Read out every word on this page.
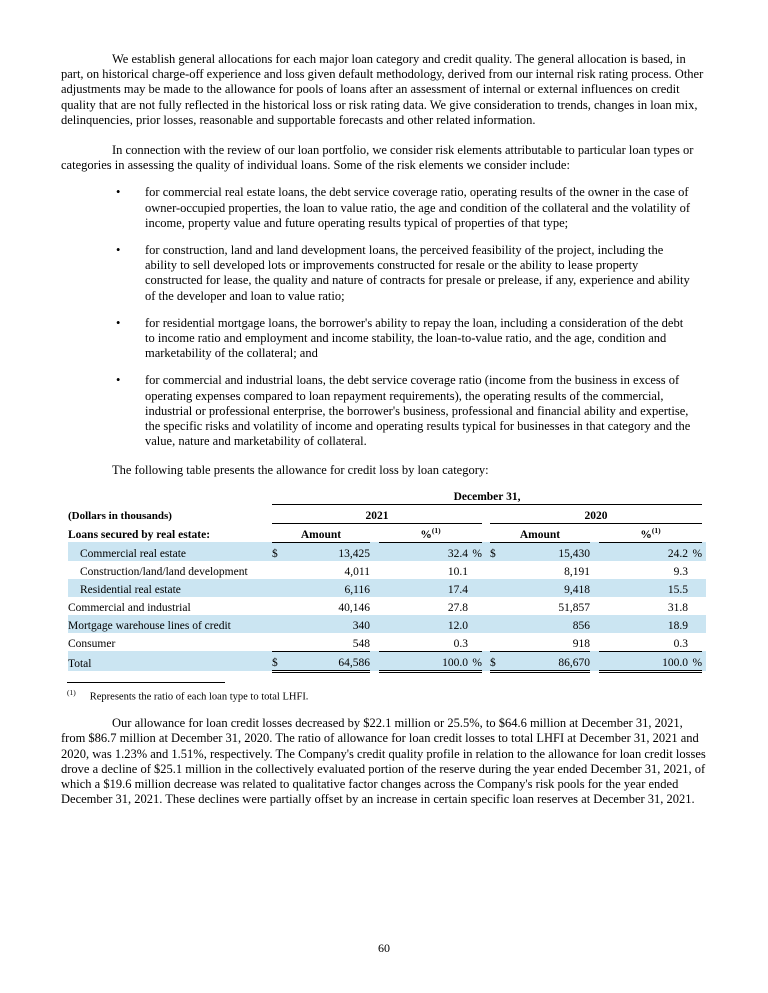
We establish general allocations for each major loan category and credit quality. The general allocation is based, in part, on historical charge-off experience and loss given default methodology, derived from our internal risk rating process. Other adjustments may be made to the allowance for pools of loans after an assessment of internal or external influences on credit quality that are not fully reflected in the historical loss or risk rating data. We give consideration to trends, changes in loan mix, delinquencies, prior losses, reasonable and supportable forecasts and other related information.

In connection with the review of our loan portfolio, we consider risk elements attributable to particular loan types or categories in assessing the quality of individual loans. Some of the risk elements we consider include:

•	for commercial real estate loans, the debt service coverage ratio, operating results of the owner in the case of owner-occupied properties, the loan to value ratio, the age and condition of the collateral and the volatility of income, property value and future operating results typical of properties of that type;
•	for construction, land and land development loans, the perceived feasibility of the project, including the ability to sell developed lots or improvements constructed for resale or the ability to lease property constructed for lease, the quality and nature of contracts for presale or prelease, if any, experience and ability of the developer and loan to value ratio;
•	for residential mortgage loans, the borrower's ability to repay the loan, including a consideration of the debt to income ratio and employment and income stability, the loan-to-value ratio, and the age, condition and marketability of the collateral; and
•	for commercial and industrial loans, the debt service coverage ratio (income from the business in excess of operating expenses compared to loan repayment requirements), the operating results of the commercial, industrial or professional enterprise, the borrower's business, professional and financial ability and expertise, the specific risks and volatility of income and operating results typical for businesses in that category and the value, nature and marketability of collateral.

The following table presents the allowance for credit loss by loan category:

	December 31,									
(Dollars in thousands)	2021					2020				
Loans secured by real estate:	Amount			%$^{(1)}$		Amount			%$^{(1)}$	
Commercial real estate	$	13,425		32.4 %		$	15,430		24.2 %	

Construction/land/land development		4,011		10.1			8,191		9.3	

Residential real estate		6,116		17.4			9,418		15.5	

Commercial and industrial		40,146		27.8			51,857		31.8	

Mortgage warehouse lines of credit		340		12.0			856		18.9	

Consumer		548		0.3			918		0.3	

Total	$	64,586		100.0 %		$	86,670		100.0 %	

$^{(1)}$ Represents the ratio of each loan type to total LHFI.

Our allowance for loan credit losses decreased by $22.1 million or 25.5%, to $64.6 million at December 31, 2021, from $86.7 million at December 31, 2020. The ratio of allowance for loan credit losses to total LHFI at December 31, 2021 and 2020, was 1.23% and 1.51%, respectively. The Company's credit quality profile in relation to the allowance for loan credit losses drove a decline of $25.1 million in the collectively evaluated portion of the reserve during the year ended December 31, 2021, of which a $19.6 million decrease was related to qualitative factor changes across the Company's risk pools for the year ended December 31, 2021. These declines were partially offset by an increase in certain specific loan reserves at December 31, 2021.

60
